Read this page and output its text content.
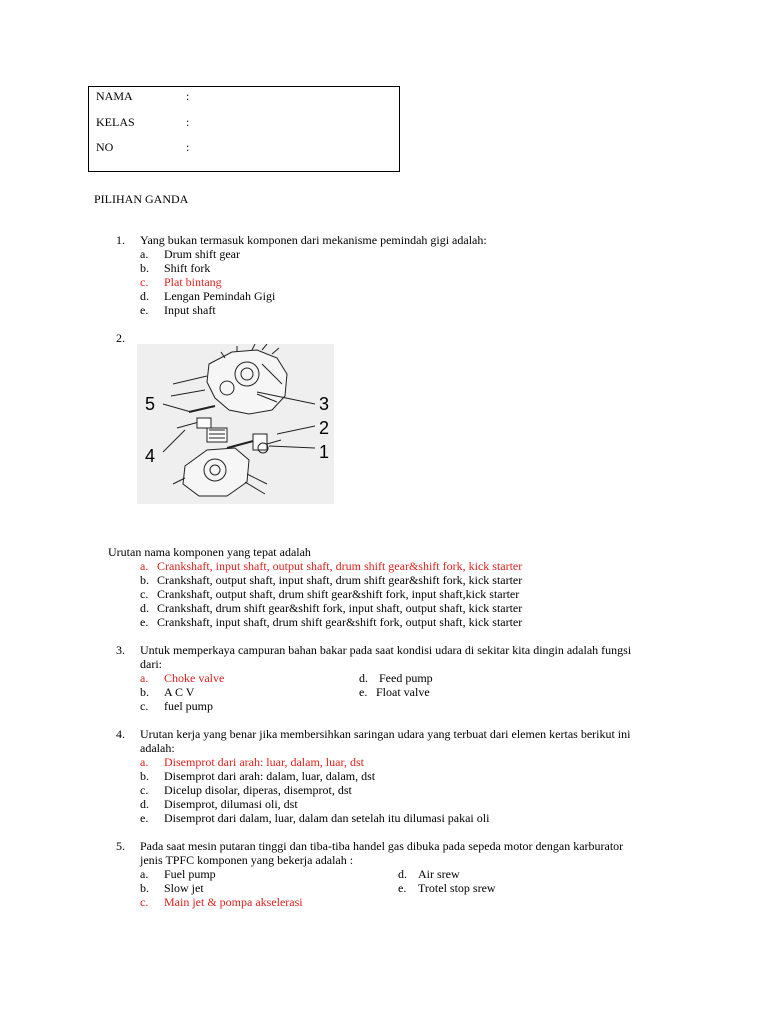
NAMA	:
KELAS	:
NO	:
PILIHAN GANDA
1. Yang bukan termasuk komponen dari mekanisme pemindah gigi adalah:
a. Drum shift gear
b. Shift fork
c. Plat bintang
d. Lengan Pemindah Gigi
e. Input shaft
2.
5
4
3
2
1
Urutan nama komponen yang tepat adalah
a. Crankshaft, input shaft, output shaft, drum shift gear&shift fork, kick starter
b. Crankshaft, output shaft, input shaft, drum shift gear&shift fork, kick starter
c. Crankshaft, output shaft, drum shift gear&shift fork, input shaft,kick starter
d. Crankshaft, drum shift gear&shift fork, input shaft, output shaft, kick starter
e. Crankshaft, input shaft, drum shift gear&shift fork, output shaft, kick starter
3. Untuk memperkaya campuran bahan bakar pada saat kondisi udara di sekitar kita dingin adalah fungsi
dari:
a. Choke valve
b. A C V
c. fuel pump
d. Feed pump
e. Float valve
4. Urutan kerja yang benar jika membersihkan saringan udara yang terbuat dari elemen kertas berikut ini
adalah:
a. Disemprot dari arah: luar, dalam, luar, dst
b. Disemprot dari arah: dalam, luar, dalam, dst
c. Dicelup disolar, diperas, disemprot, dst
d. Disemprot, dilumasi oli, dst
e. Disemprot dari dalam, luar, dalam dan setelah itu dilumasi pakai oli
5. Pada saat mesin putaran tinggi dan tiba-tiba handel gas dibuka pada sepeda motor dengan karburator
jenis TPFC komponen yang bekerja adalah :
a. Fuel pump
b. Slow jet
c. Main jet & pompa akselerasi
d. Air srew
e. Trotel stop srew
